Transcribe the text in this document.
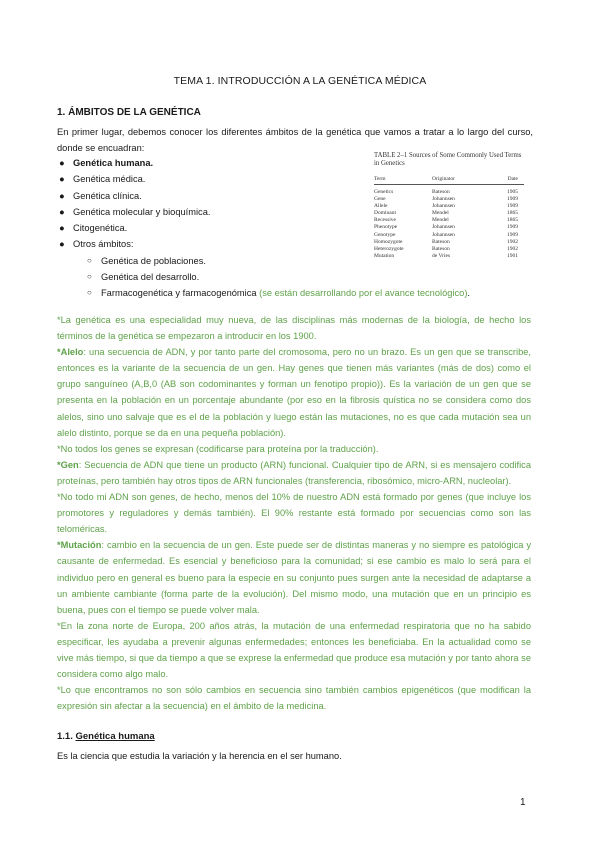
TEMA 1. INTRODUCCIÓN A LA GENÉTICA MÉDICA
1. ÁMBITOS DE LA GENÉTICA
En primer lugar, debemos conocer los diferentes ámbitos de la genética que vamos a tratar a lo largo del curso, donde se encuadran:
● Genética humana.
● Genética médica.
● Genética clínica.
● Genética molecular y bioquímica.
● Citogenética.
● Otros ámbitos:
○ Genética de poblaciones.
○ Genética del desarrollo.
○ Farmacogenética y farmacogenómica (se están desarrollando por el avance tecnológico).
TABLE 2–1 Sources of Some Commonly Used Terms in Genetics
Term	Originator	Date
Genetics	Bateson	1905
Gene	Johannsen	1909
Allele	Johannsen	1909
Dominant	Mendel	1865
Recessive	Mendel	1865
Phenotype	Johannsen	1909
Genotype	Johannsen	1909
Homozygote	Bateson	1902
Heterozygote	Bateson	1902
Mutation	de Vries	1901

*La genética es una especialidad muy nueva, de las disciplinas más modernas de la biología, de hecho los términos de la genética se empezaron a introducir en los 1900.

*Alelo: una secuencia de ADN, y por tanto parte del cromosoma, pero no un brazo. Es un gen que se transcribe, entonces es la variante de la secuencia de un gen. Hay genes que tienen más variantes (más de dos) como el grupo sanguíneo (A,B,0 (AB son codominantes y forman un fenotipo propio)). Es la variación de un gen que se presenta en la población en un porcentaje abundante (por eso en la fibrosis quística no se considera como dos alelos, sino uno salvaje que es el de la población y luego están las mutaciones, no es que cada mutación sea un alelo distinto, porque se da en una pequeña población).

*No todos los genes se expresan (codificarse para proteína por la traducción).

*Gen: Secuencia de ADN que tiene un producto (ARN) funcional. Cualquier tipo de ARN, si es mensajero codifica proteínas, pero también hay otros tipos de ARN funcionales (transferencia, ribosómico, micro-ARN, nucleolar).

*No todo mi ADN son genes, de hecho, menos del 10% de nuestro ADN está formado por genes (que incluye los promotores y reguladores y demás también). El 90% restante está formado por secuencias como son las teloméricas.

*Mutación: cambio en la secuencia de un gen. Este puede ser de distintas maneras y no siempre es patológica y causante de enfermedad. Es esencial y beneficioso para la comunidad; si ese cambio es malo lo será para el individuo pero en general es bueno para la especie en su conjunto pues surgen ante la necesidad de adaptarse a un ambiente cambiante (forma parte de la evolución). Del mismo modo, una mutación que en un principio es buena, pues con el tiempo se puede volver mala.

*En la zona norte de Europa, 200 años atrás, la mutación de una enfermedad respiratoria que no ha sabido especificar, les ayudaba a prevenir algunas enfermedades; entonces les beneficiaba. En la actualidad como se vive más tiempo, si que da tiempo a que se exprese la enfermedad que produce esa mutación y por tanto ahora se considera como algo malo.

*Lo que encontramos no son sólo cambios en secuencia sino también cambios epigenéticos (que modifican la expresión sin afectar a la secuencia) en el ámbito de la medicina.

1.1. Genética humana
Es la ciencia que estudia la variación y la herencia en el ser humano.
1
